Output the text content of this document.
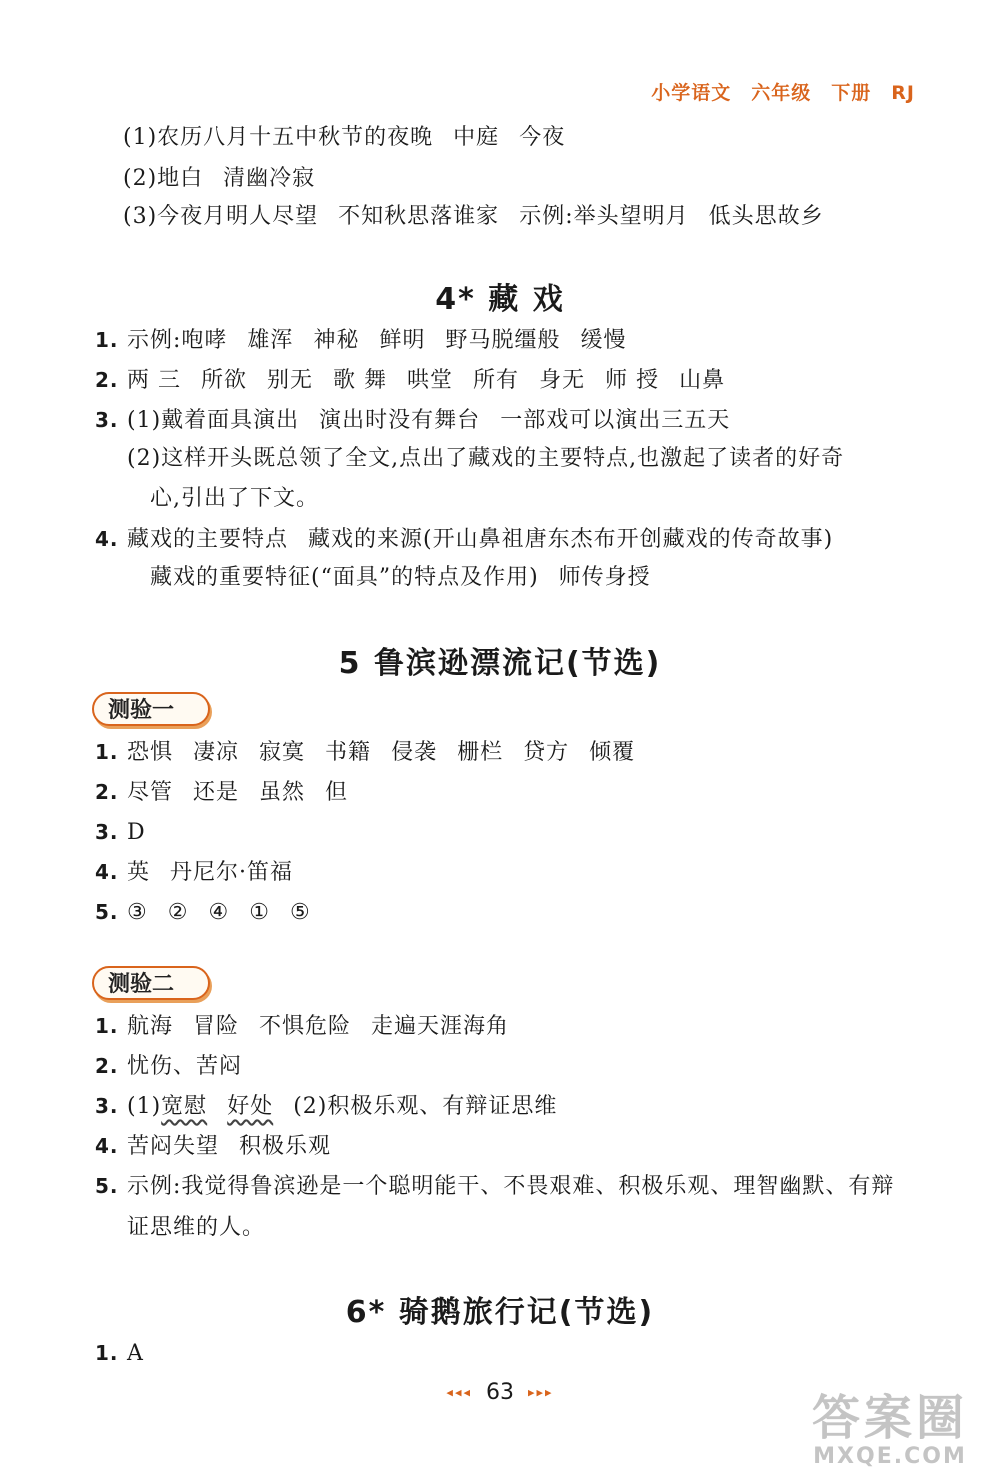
小学语文 六年级 下册 RJ
(1)农历八月十五中秋节的夜晚 中庭 今夜
(2)地白 清幽冷寂
(3)今夜月明人尽望 不知秋思落谁家 示例:举头望明月 低头思故乡
4* 藏 戏
1. 示例:咆哮 雄浑 神秘 鲜明 野马脱缰般 缓慢
2. 两 三 所欲 别无 歌 舞 哄堂 所有 身无 师 授 山鼻
3. (1)戴着面具演出 演出时没有舞台 一部戏可以演出三五天
(2)这样开头既总领了全文,点出了藏戏的主要特点,也激起了读者的好奇
心,引出了下文。
4. 藏戏的主要特点 藏戏的来源(开山鼻祖唐东杰布开创藏戏的传奇故事)
藏戏的重要特征(“面具”的特点及作用) 师传身授
5 鲁滨逊漂流记(节选)
测验一
1. 恐惧 凄凉 寂寞 书籍 侵袭 栅栏 贷方 倾覆
2. 尽管 还是 虽然 但
3. D
4. 英 丹尼尔·笛福
5. ③ ② ④ ① ⑤
测验二
1. 航海 冒险 不惧危险 走遍天涯海角
2. 忧伤、苦闷
3. (1)宽慰 好处 (2)积极乐观、有辩证思维
4. 苦闷失望 积极乐观
5. 示例:我觉得鲁滨逊是一个聪明能干、不畏艰难、积极乐观、理智幽默、有辩
证思维的人。
6* 骑鹅旅行记(节选)
1. A
◂◂◂ 63 ▸▸▸	答案圈
MXQE.COM
